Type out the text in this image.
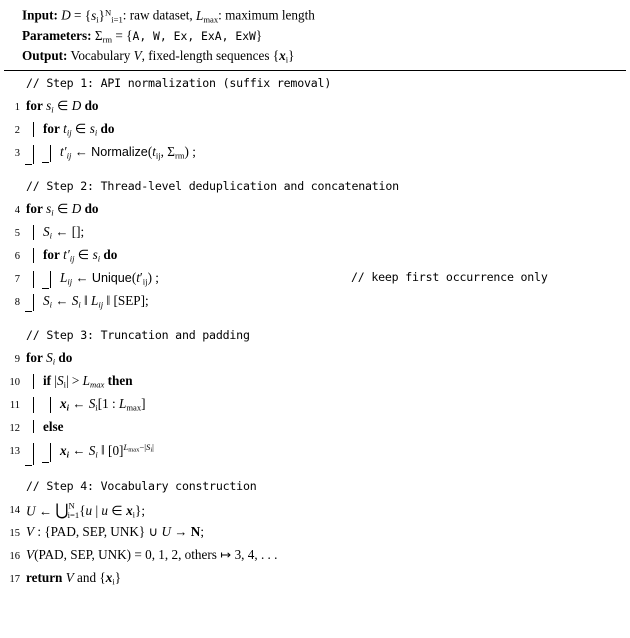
Input: $D = \{s_i\}^N_i=_1$: raw dataset, $L_{max}$: maximum length
Parameters: $\Sigma_{rm} = \{A$, W, Ex, ExA, ExW}
Output: Vocabulary V, fixed-length sequences $\{x_i\}$
// Step 1: API normalization (suffix removal)
1 for $s_i$ ∈ D do
2	for $t_{ij}$ ∈ $s_i$ do
3	$t'_{ij}$ ← $Normalize(t_{ij}$, $\Sigma_{rm}$) ;
// Step 2: Thread-level deduplication and concatenation
4 for $s_i$ ∈ D do
5	$S_i$ ← [];
6	for $t'_{ij}$ ∈ $s_i$ do
7	$L_{ij}$ ← $Unique(t'_{ij})$ ;	// keep first occurrence only
8	$S_i$ ← $S_i$ ‖ $L_{ij}$ ‖ [SEP];
// Step 3: Truncation and padding
9 for $S_i$ do
10	if $|S_i| > L_{max}$ then
11	$x_i$ ← $S_i[1$ : $L_{max}$]
12	else
13	$x_i$ ← $S_i$ ‖ $[0]^{Lmax-|Si|}$
// Step 4: Vocabulary construction
14 U ← ⋃$^N_{i=1}${u | u ∈ $x_i$};
15 V : {PAD, SEP, UNK} ∪ U → N;
16 V(PAD, SEP, UNK) = 0, 1, 2, others ↦ 3, 4, . . .
17 return V and $\{x_i\}$
